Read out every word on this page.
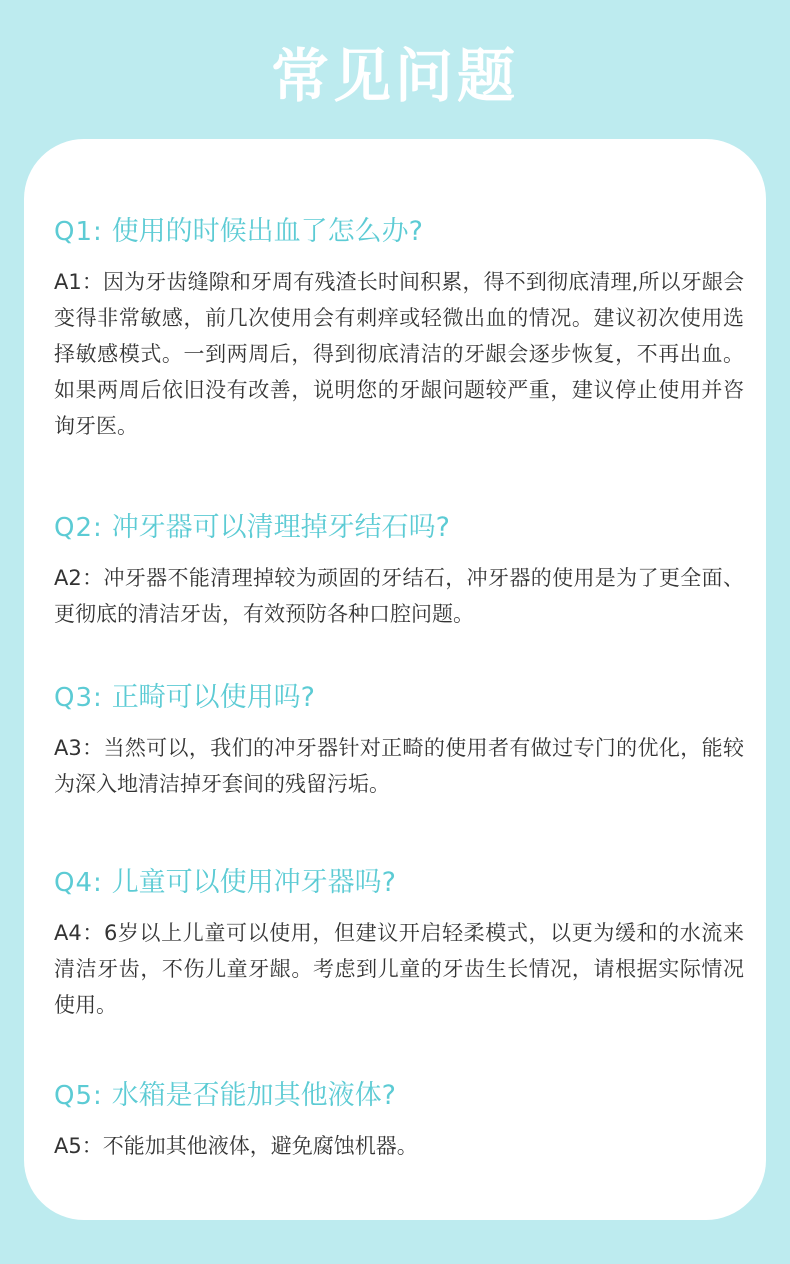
常见问题
Q1: 使用的时候出血了怎么办?
A1：因为牙齿缝隙和牙周有残渣长时间积累，得不到彻底清理,所以牙龈会变得非常敏感，前几次使用会有刺痒或轻微出血的情况。建议初次使用选择敏感模式。一到两周后，得到彻底清洁的牙龈会逐步恢复，不再出血。如果两周后依旧没有改善，说明您的牙龈问题较严重，建议停止使用并咨询牙医。
Q2: 冲牙器可以清理掉牙结石吗?
A2：冲牙器不能清理掉较为顽固的牙结石，冲牙器的使用是为了更全面、更彻底的清洁牙齿，有效预防各种口腔问题。
Q3: 正畸可以使用吗?
A3：当然可以，我们的冲牙器针对正畸的使用者有做过专门的优化，能较为深入地清洁掉牙套间的残留污垢。
Q4: 儿童可以使用冲牙器吗?
A4：6岁以上儿童可以使用，但建议开启轻柔模式，以更为缓和的水流来清洁牙齿，不伤儿童牙龈。考虑到儿童的牙齿生长情况，请根据实际情况使用。
Q5: 水箱是否能加其他液体?
A5：不能加其他液体，避免腐蚀机器。
